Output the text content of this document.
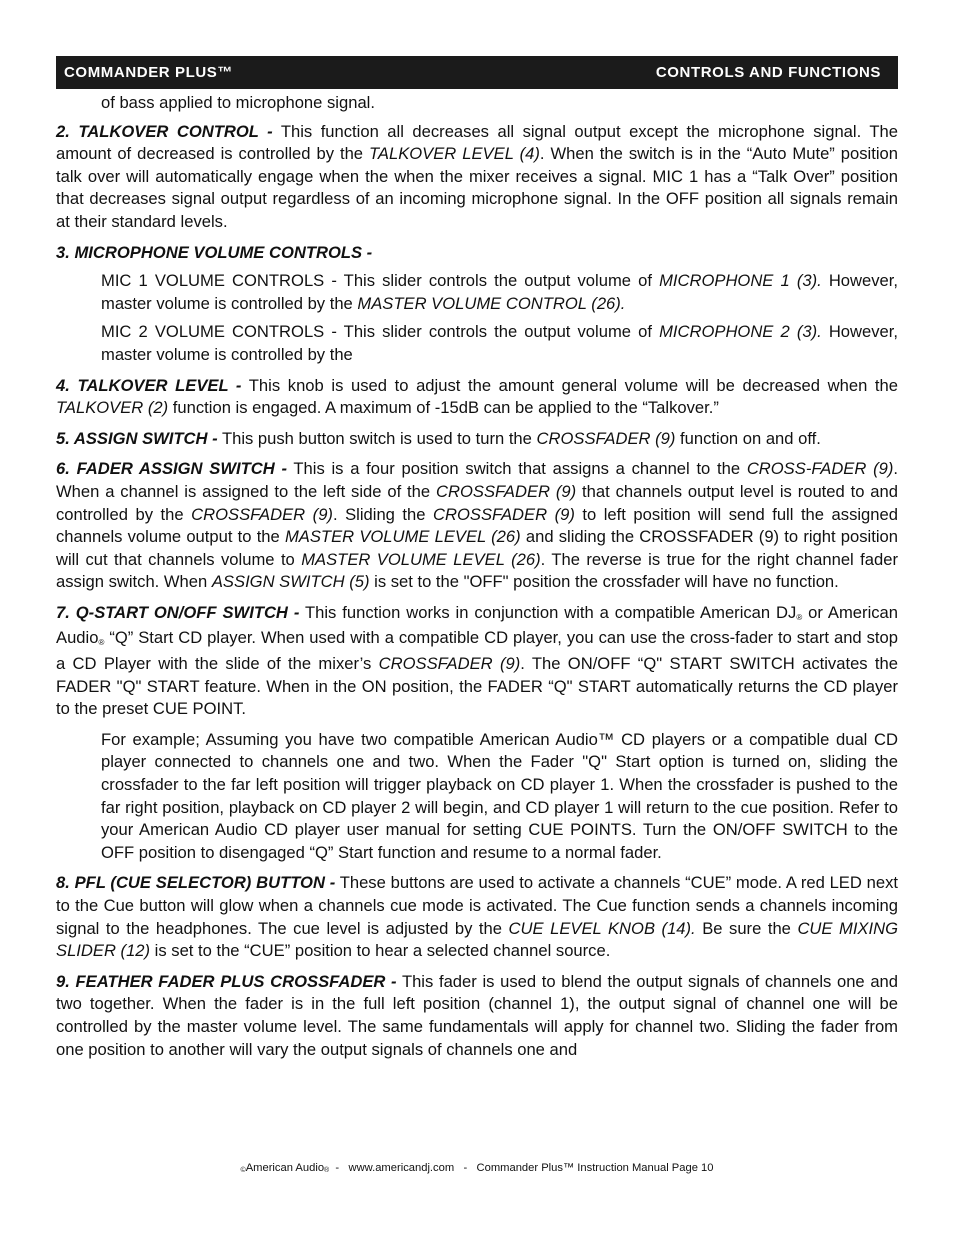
COMMANDER PLUS™	CONTROLS AND FUNCTIONS

of bass applied to microphone signal.

2. TALKOVER CONTROL - This function all decreases all signal output except the microphone signal. The amount of decreased is controlled by the TALKOVER LEVEL (4). When the switch is in the “Auto Mute” position talk over will automatically engage when the when the mixer receives a signal. MIC 1 has a “Talk Over” position that decreases signal output regardless of an incoming microphone signal. In the OFF position all signals remain at their standard levels.

3. MICROPHONE VOLUME CONTROLS -

MIC 1 VOLUME CONTROLS - This slider controls the output volume of MICROPHONE 1 (3). However, master volume is controlled by the MASTER VOLUME CONTROL (26).

MIC 2 VOLUME CONTROLS - This slider controls the output volume of MICROPHONE 2 (3). However, master volume is controlled by the

4. TALKOVER LEVEL - This knob is used to adjust the amount general volume will be decreased when the TALKOVER (2) function is engaged. A maximum of -15dB can be applied to the “Talkover.”

5. ASSIGN SWITCH - This push button switch is used to turn the CROSSFADER (9) function on and off.

6. FADER ASSIGN SWITCH - This is a four position switch that assigns a channel to the CROSS-FADER (9). When a channel is assigned to the left side of the CROSSFADER (9) that channels output level is routed to and controlled by the CROSSFADER (9). Sliding the CROSSFADER (9) to left position will send full the assigned channels volume output to the MASTER VOLUME LEVEL (26) and sliding the CROSSFADER (9) to right position will cut that channels volume to MASTER VOLUME LEVEL (26). The reverse is true for the right channel fader assign switch. When ASSIGN SWITCH (5) is set to the "OFF" position the crossfader will have no function.

7. Q-START ON/OFF SWITCH - This function works in conjunction with a compatible American DJ® or American Audio® “Q” Start CD player. When used with a compatible CD player, you can use the cross-fader to start and stop a CD Player with the slide of the mixer’s CROSSFADER (9). The ON/OFF “Q" START SWITCH activates the FADER "Q" START feature. When in the ON position, the FADER “Q" START automatically returns the CD player to the preset CUE POINT.

For example; Assuming you have two compatible American Audio™ CD players or a compatible dual CD player connected to channels one and two. When the Fader "Q" Start option is turned on, sliding the crossfader to the far left position will trigger playback on CD player 1. When the crossfader is pushed to the far right position, playback on CD player 2 will begin, and CD player 1 will return to the cue position. Refer to your American Audio CD player user manual for setting CUE POINTS. Turn the ON/OFF SWITCH to the OFF position to disengaged “Q” Start function and resume to a normal fader.

8. PFL (CUE SELECTOR) BUTTON - These buttons are used to activate a channels “CUE” mode. A red LED next to the Cue button will glow when a channels cue mode is activated. The Cue function sends a channels incoming signal to the headphones. The cue level is adjusted by the CUE LEVEL KNOB (14). Be sure the CUE MIXING SLIDER (12) is set to the “CUE” position to hear a selected channel source.

9. FEATHER FADER PLUS CROSSFADER - This fader is used to blend the output signals of channels one and two together. When the fader is in the full left position (channel 1), the output signal of channel one will be controlled by the master volume level. The same fundamentals will apply for channel two. Sliding the fader from one position to another will vary the output signals of channels one and

©American Audio®  -   www.americandj.com   -   Commander Plus™ Instruction Manual Page 10
